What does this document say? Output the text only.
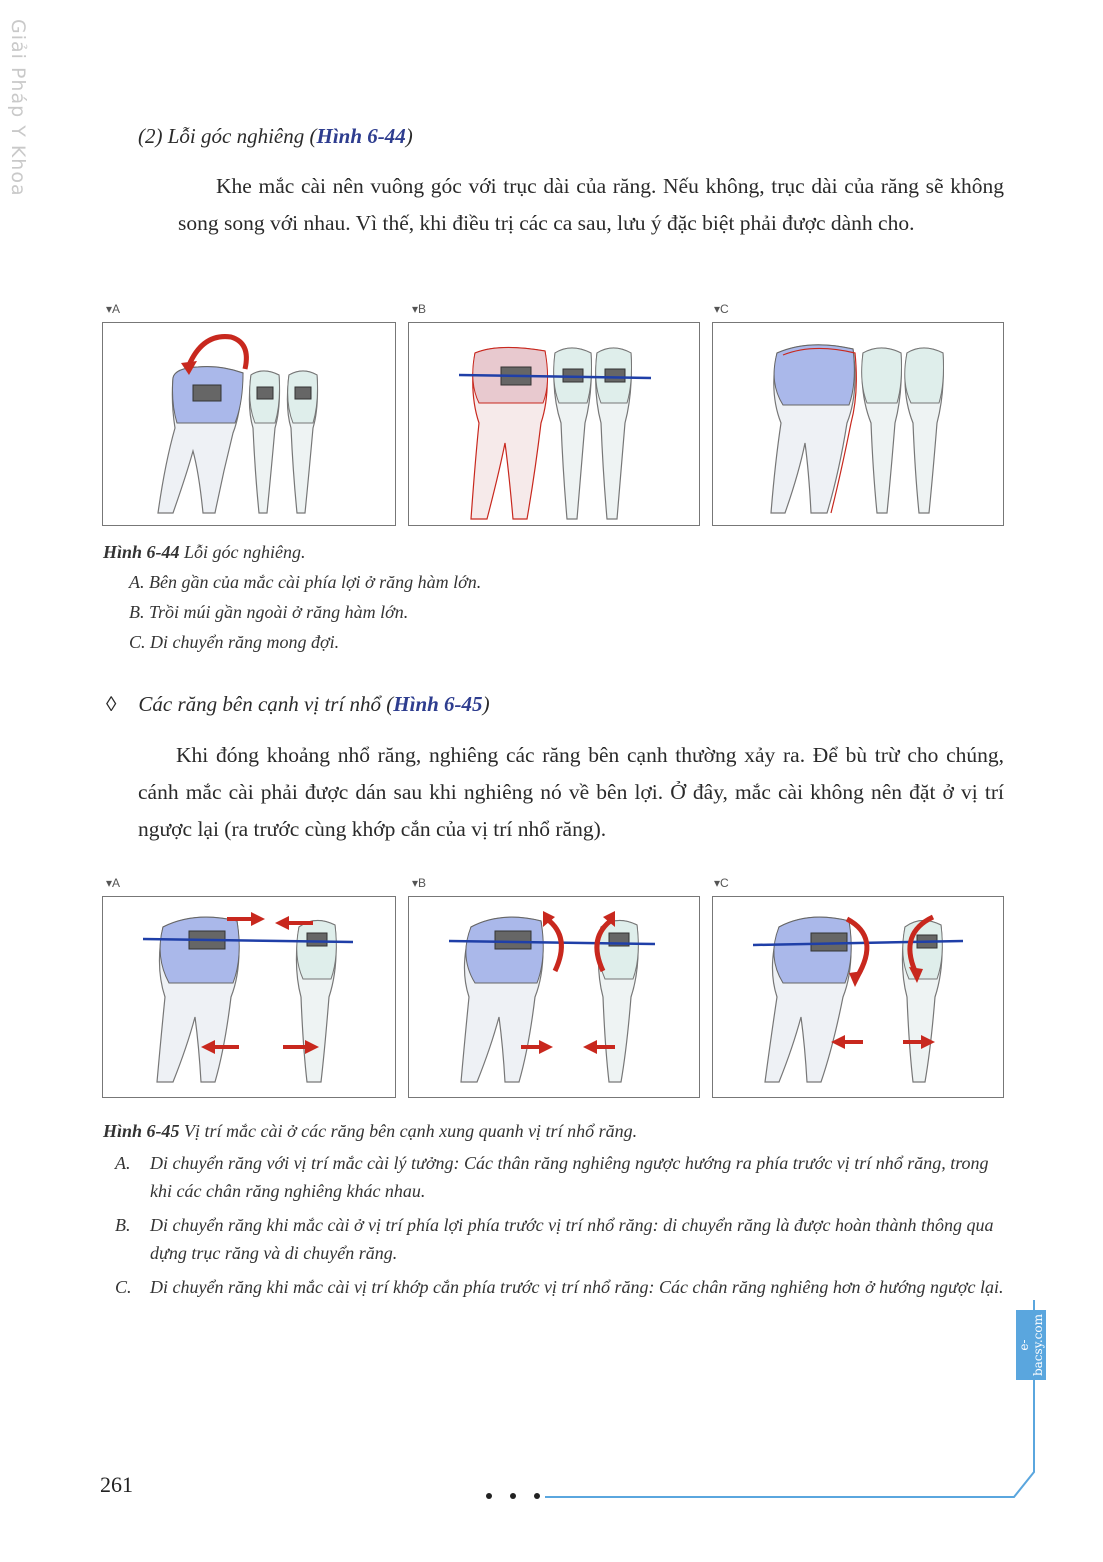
Giải Pháp Y Khoa	(2) Lỗi góc nghiêng (Hình 6-44)

Khe mắc cài nên vuông góc với trục dài của răng. Nếu không, trục dài của răng sẽ không song song với nhau. Vì thế, khi điều trị các ca sau, lưu ý đặc biệt phải được dành cho.

▾A	▾B	▾C
Hình 6-44 Lỗi góc nghiêng.
A. Bên gần của mắc cài phía lợi ở răng hàm lớn.
B. Trồi múi gần ngoài ở răng hàm lớn.
C. Di chuyển răng mong đợi.
◊ Các răng bên cạnh vị trí nhổ (Hình 6-45)

Khi đóng khoảng nhổ răng, nghiêng các răng bên cạnh thường xảy ra. Để bù trừ cho chúng, cánh mắc cài phải được dán sau khi nghiêng nó về bên lợi. Ở đây, mắc cài không nên đặt ở vị trí ngược lại (ra trước cùng khớp cắn của vị trí nhổ răng).

▾A	▾B	▾C
Hình 6-45 Vị trí mắc cài ở các răng bên cạnh xung quanh vị trí nhổ răng.
A.	Di chuyển răng với vị trí mắc cài lý tưởng: Các thân răng nghiêng ngược hướng ra phía trước vị trí nhổ răng, trong khi các chân răng nghiêng khác nhau.
B.	Di chuyển răng khi mắc cài ở vị trí phía lợi phía trước vị trí nhổ răng: di chuyển răng là được hoàn thành thông qua dựng trục răng và di chuyển răng.
C.	Di chuyển răng khi mắc cài vị trí khớp cắn phía trước vị trí nhổ răng: Các chân răng nghiêng hơn ở hướng ngược lại.
e-bacsy.com
261
